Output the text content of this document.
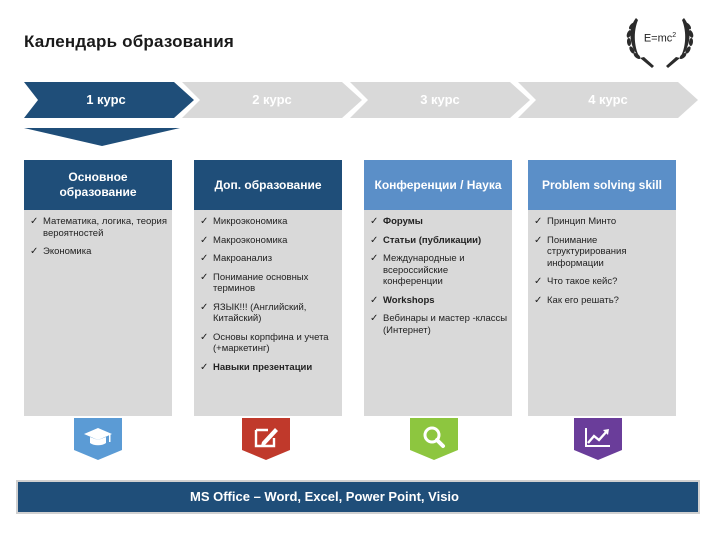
Календарь образования	$E=mc^2$
1 курс	2 курс	3 курс	4 курс
Основное образование
✓ Математика, логика, теория вероятностей
✓ Экономика
Доп. образование
✓ Микроэкономика
✓ Макроэкономика
✓ Макроанализ
✓ Понимание основных терминов
✓ ЯЗЫК!!! (Английский, Китайский)
✓ Основы корпфина и учета (+маркетинг)
✓ Навыки презентации
Конференции / Наука
✓ Форумы
✓ Статьи (публикации)
✓ Международные и всероссийские конференции
✓ Workshops
✓ Вебинары и мастер -классы (Интернет)
Problem solving skill
✓ Принцип Минто
✓ Понимание структурирования информации
✓ Что такое кейс?
✓ Как его решать?
MS Office – Word, Excel, Power Point, Visio
